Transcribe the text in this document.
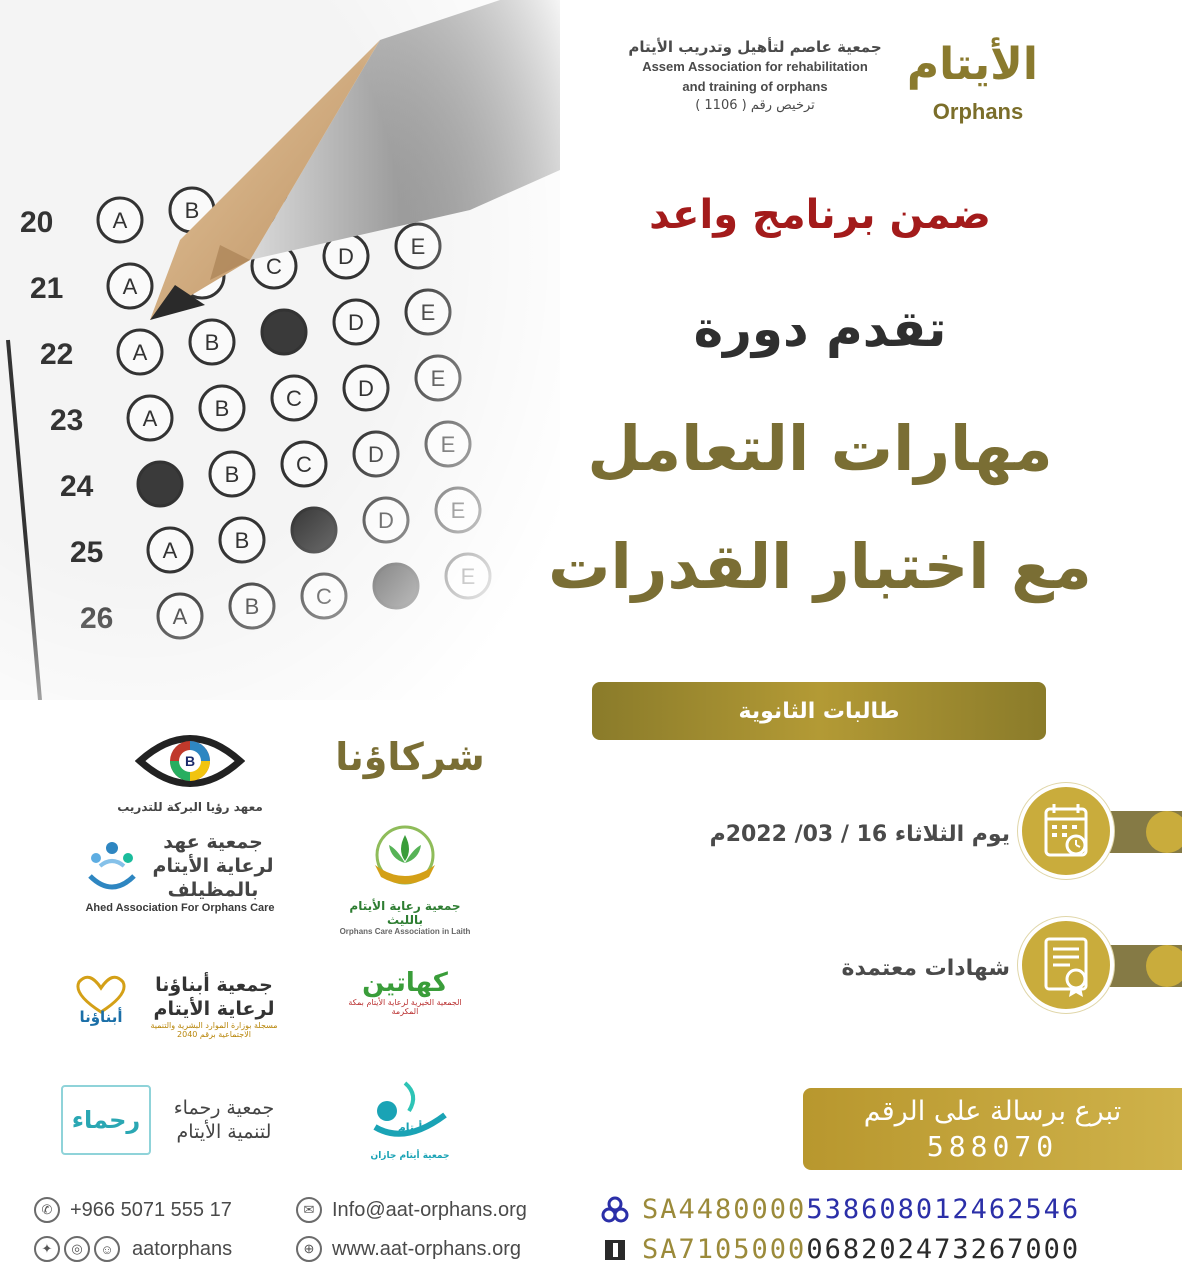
جمعية عاصم لتأهيل وتدريب الأيتام
Assem Association for rehabilitation
and training of orphans
ترخيص رقم ( 1106 )
الأيتام
Orphans
ضمن برنامج واعد
تقدم دورة
مهارات التعامل
مع اختبار القدرات
طالبات الثانوية
شركاؤنا
B
معهد رؤيا البركة للتدريب
جمعية عهد لرعاية الأيتام بالمظيلف
Ahed Association For Orphans Care	جمعية رعاية الأيتام بالليث
Orphans Care Association in Laith
جمعية أبناؤنا لرعاية الأيتام
مسجلة بوزارة الموارد البشرية والتنمية الاجتماعية برقم 2040
أبناؤنا
كهاتين
الجمعية الخيرية لرعاية الأيتام بمكة المكرمة
جمعية رحماء لتنمية الأيتام
رحماء	أيتام
جمعية أيتام جازان
يوم الثلاثاء 16 / 03/ 2022م
شهادات معتمدة
تبرع برسالة على الرقم
588070
✆ +966 5071 555 17
✦	◎	☺ aatorphans
✉ Info@aat-orphans.org
⊕ www.aat-orphans.org
SA4480000 538608012462546
SA7105000 068202473267000
